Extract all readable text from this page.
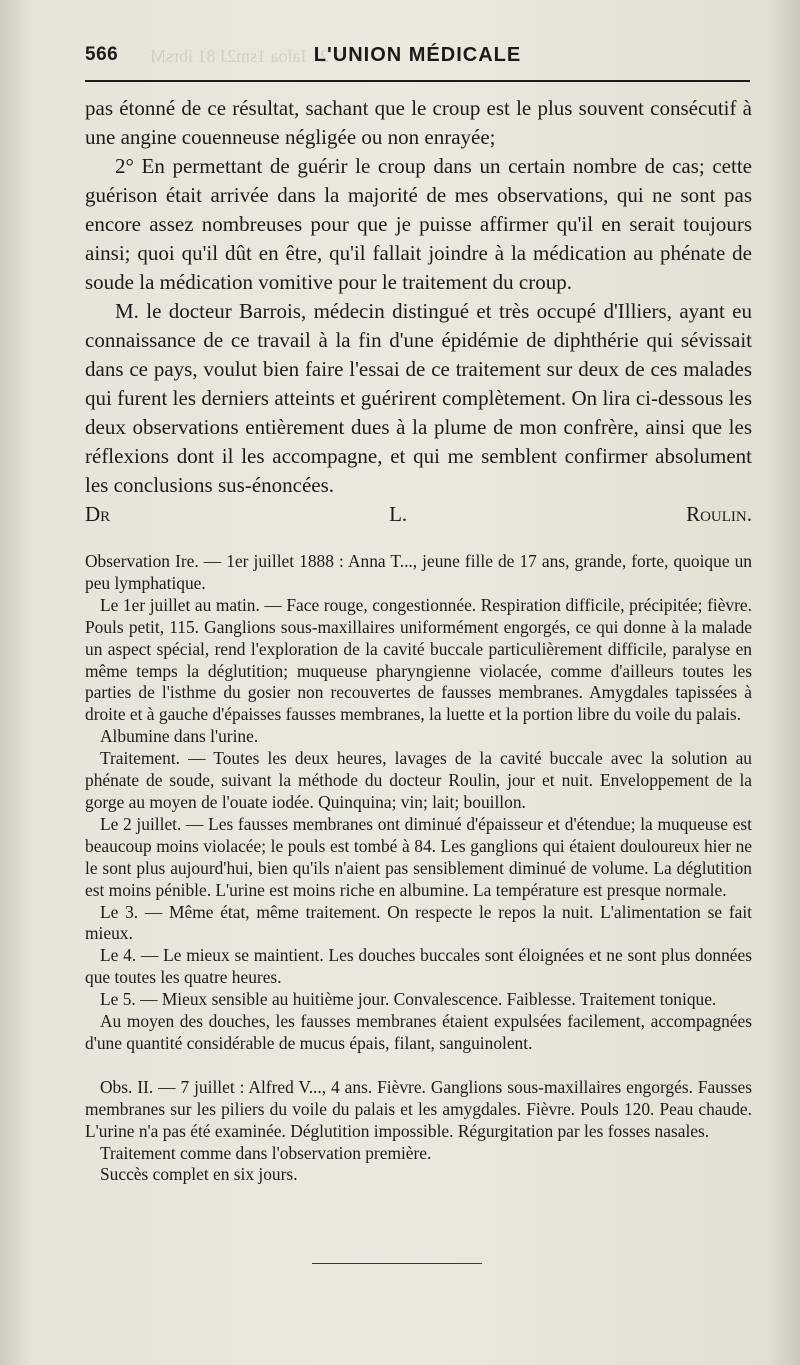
9 2 . Ialoa 1sm2J 81 ibrsM
566	L'UNION MÉDICALE

pas étonné de ce résultat, sachant que le croup est le plus souvent consécutif à une angine couenneuse négligée ou non enrayée;

2° En permettant de guérir le croup dans un certain nombre de cas; cette guérison était arrivée dans la majorité de mes observations, qui ne sont pas encore assez nombreuses pour que je puisse affirmer qu'il en serait toujours ainsi; quoi qu'il dût en être, qu'il fallait joindre à la médication au phénate de soude la médication vomitive pour le traitement du croup.

M. le docteur Barrois, médecin distingué et très occupé d'Illiers, ayant eu connaissance de ce travail à la fin d'une épidémie de diphthérie qui sévissait dans ce pays, voulut bien faire l'essai de ce traitement sur deux de ces malades qui furent les derniers atteints et guérirent complètement. On lira ci-dessous les deux observations entièrement dues à la plume de mon confrère, ainsi que les réflexions dont il les accompagne, et qui me semblent confirmer absolument les conclusions sus-énoncées.

Dr L. Roulin.

Observation Ire. — 1er juillet 1888 : Anna T..., jeune fille de 17 ans, grande, forte, quoique un peu lymphatique.

Le 1er juillet au matin. — Face rouge, congestionnée. Respiration difficile, précipitée; fièvre. Pouls petit, 115. Ganglions sous-maxillaires uniformément engorgés, ce qui donne à la malade un aspect spécial, rend l'exploration de la cavité buccale particulièrement difficile, paralyse en même temps la déglutition; muqueuse pharyngienne violacée, comme d'ailleurs toutes les parties de l'isthme du gosier non recouvertes de fausses membranes. Amygdales tapissées à droite et à gauche d'épaisses fausses membranes, la luette et la portion libre du voile du palais.

Albumine dans l'urine.

Traitement. — Toutes les deux heures, lavages de la cavité buccale avec la solution au phénate de soude, suivant la méthode du docteur Roulin, jour et nuit. Enveloppement de la gorge au moyen de l'ouate iodée. Quinquina; vin; lait; bouillon.

Le 2 juillet. — Les fausses membranes ont diminué d'épaisseur et d'étendue; la muqueuse est beaucoup moins violacée; le pouls est tombé à 84. Les ganglions qui étaient douloureux hier ne le sont plus aujourd'hui, bien qu'ils n'aient pas sensiblement diminué de volume. La déglutition est moins pénible. L'urine est moins riche en albumine. La température est presque normale.

Le 3. — Même état, même traitement. On respecte le repos la nuit. L'alimentation se fait mieux.

Le 4. — Le mieux se maintient. Les douches buccales sont éloignées et ne sont plus données que toutes les quatre heures.

Le 5. — Mieux sensible au huitième jour. Convalescence. Faiblesse. Traitement tonique.

Au moyen des douches, les fausses membranes étaient expulsées facilement, accompagnées d'une quantité considérable de mucus épais, filant, sanguinolent.

Obs. II. — 7 juillet : Alfred V..., 4 ans. Fièvre. Ganglions sous-maxillaires engorgés. Fausses membranes sur les piliers du voile du palais et les amygdales. Fièvre. Pouls 120. Peau chaude. L'urine n'a pas été examinée. Déglutition impossible. Régurgitation par les fosses nasales.

Traitement comme dans l'observation première.

Succès complet en six jours.
